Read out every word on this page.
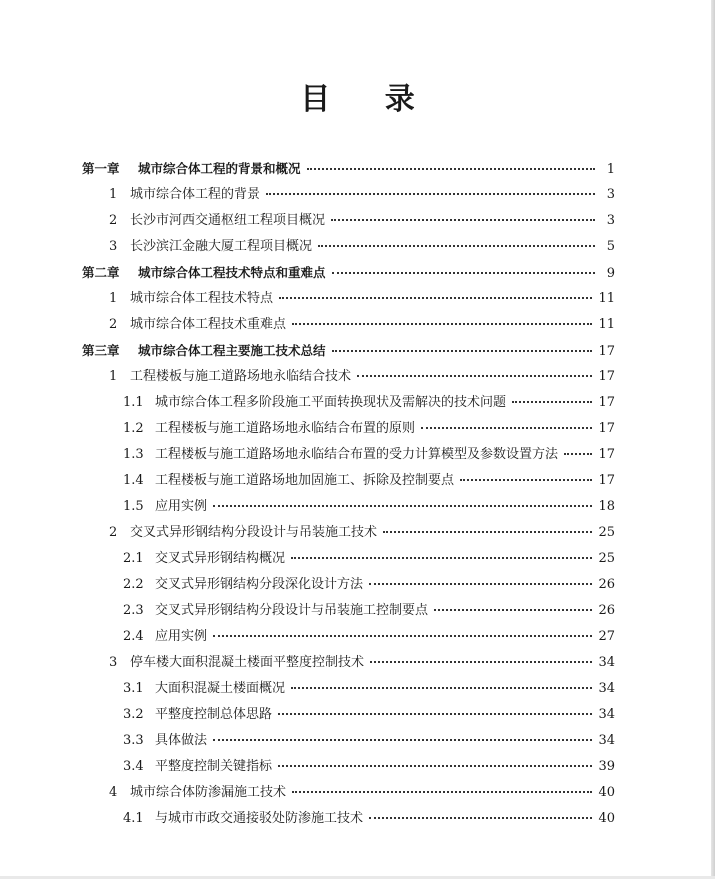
目 录
第一章	城市综合体工程的背景和概况	1
1 城市综合体工程的背景	3
2 长沙市河西交通枢纽工程项目概况	3
3 长沙滨江金融大厦工程项目概况	5
第二章	城市综合体工程技术特点和重难点	9
1 城市综合体工程技术特点	11
2 城市综合体工程技术重难点	11
第三章	城市综合体工程主要施工技术总结	17
1 工程楼板与施工道路场地永临结合技术	17
1.1 城市综合体工程多阶段施工平面转换现状及需解决的技术问题	17
1.2 工程楼板与施工道路场地永临结合布置的原则	17
1.3 工程楼板与施工道路场地永临结合布置的受力计算模型及参数设置方法	17
1.4 工程楼板与施工道路场地加固施工、拆除及控制要点	17
1.5 应用实例	18
2 交叉式异形钢结构分段设计与吊装施工技术	25
2.1 交叉式异形钢结构概况	25
2.2 交叉式异形钢结构分段深化设计方法	26
2.3 交叉式异形钢结构分段设计与吊装施工控制要点	26
2.4 应用实例	27
3 停车楼大面积混凝土楼面平整度控制技术	34
3.1 大面积混凝土楼面概况	34
3.2 平整度控制总体思路	34
3.3 具体做法	34
3.4 平整度控制关键指标	39
4 城市综合体防渗漏施工技术	40
4.1 与城市市政交通接驳处防渗施工技术	40
